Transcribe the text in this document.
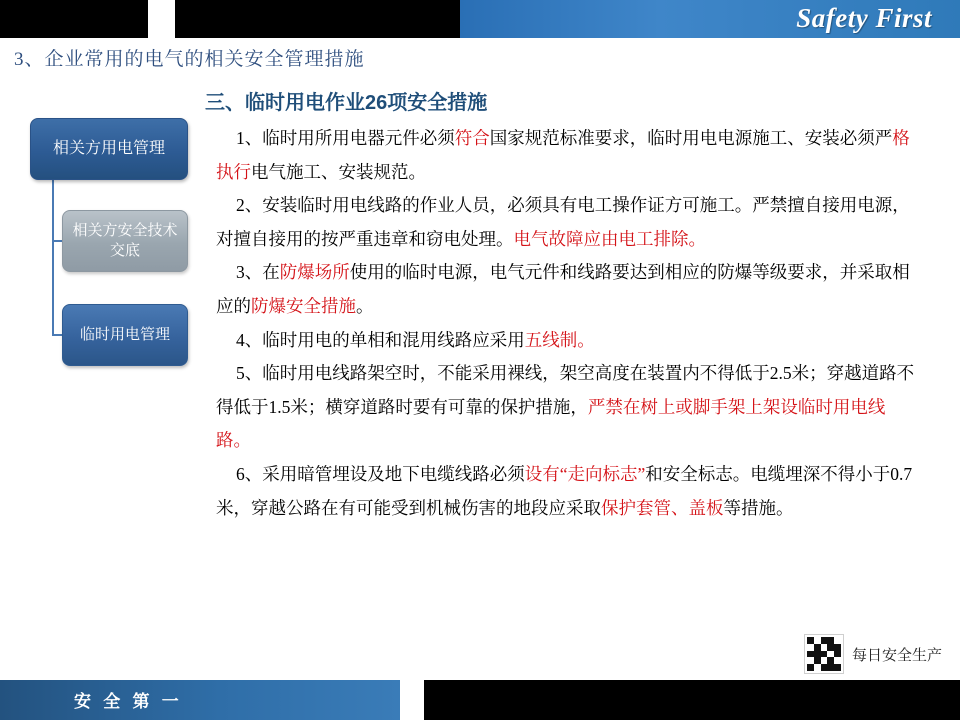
Safety First
3、企业常用的电气的相关安全管理措施
相关方用电管理
相关方安全技术交底
临时用电管理
三、临时用电作业26项安全措施
1、临时用所用电器元件必须符合国家规范标准要求，临时用电电源施工、安装必须严格执行电气施工、安装规范。
2、安装临时用电线路的作业人员，必须具有电工操作证方可施工。严禁擅自接用电源，对擅自接用的按严重违章和窃电处理。电气故障应由电工排除。
3、在防爆场所使用的临时电源，电气元件和线路要达到相应的防爆等级要求，并采取相应的防爆安全措施。
4、临时用电的单相和混用线路应采用五线制。
5、临时用电线路架空时，不能采用裸线，架空高度在装置内不得低于2.5米；穿越道路不得低于1.5米；横穿道路时要有可靠的保护措施，严禁在树上或脚手架上架设临时用电线路。
6、采用暗管埋设及地下电缆线路必须设有“走向标志”和安全标志。电缆埋深不得小于0.7米，穿越公路在有可能受到机械伤害的地段应采取保护套管、盖板等措施。
每日安全生产
安 全 第 一
